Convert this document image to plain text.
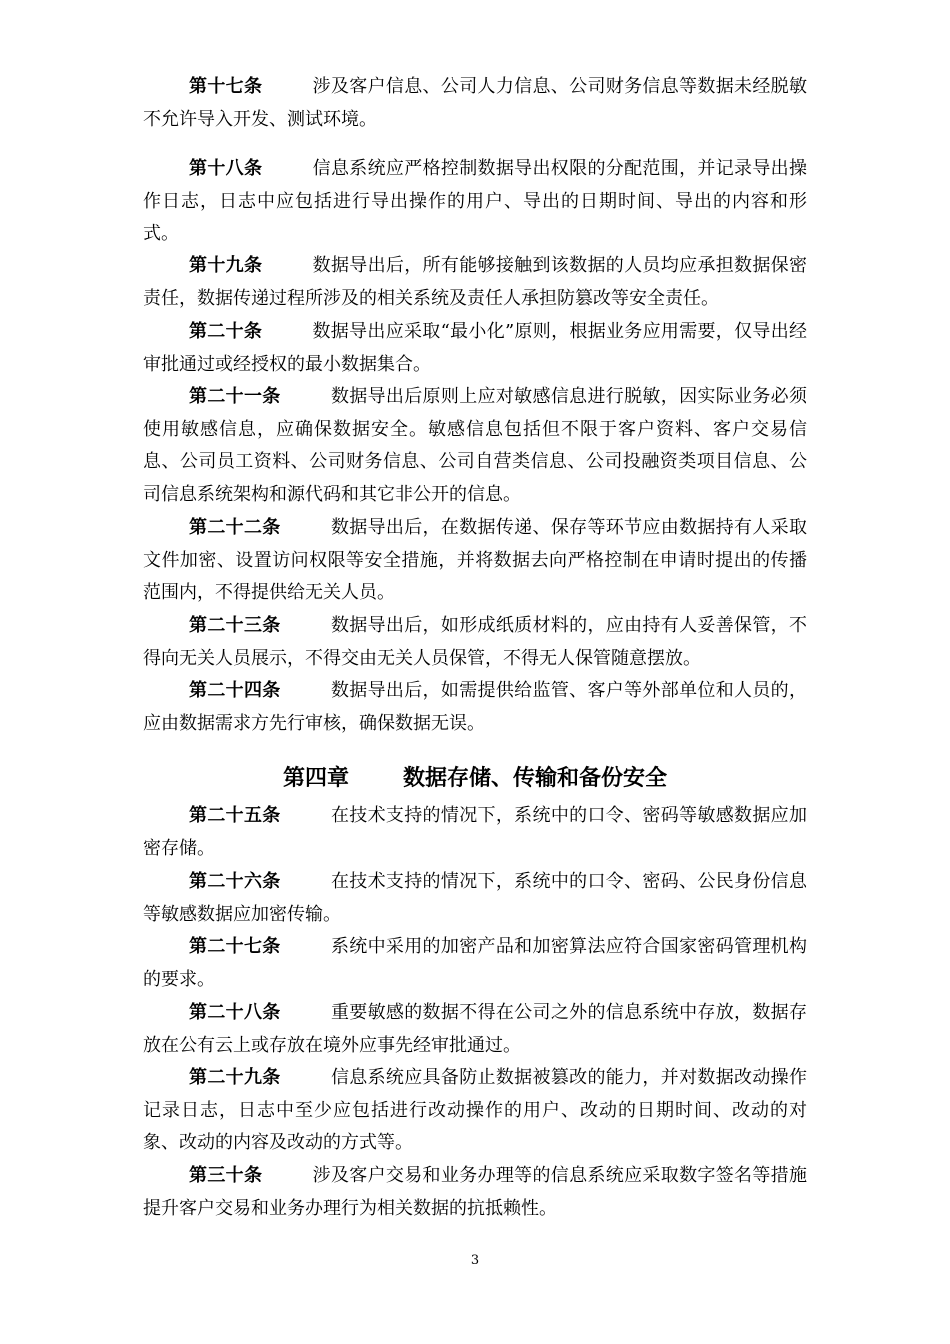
第十七条	涉及客户信息、公司人力信息、公司财务信息等数据未经脱敏不允许导入开发、测试环境。

第十八条	信息系统应严格控制数据导出权限的分配范围，并记录导出操作日志，日志中应包括进行导出操作的用户、导出的日期时间、导出的内容和形式。

第十九条	数据导出后，所有能够接触到该数据的人员均应承担数据保密责任，数据传递过程所涉及的相关系统及责任人承担防篡改等安全责任。

第二十条	数据导出应采取“最小化”原则，根据业务应用需要，仅导出经审批通过或经授权的最小数据集合。

第二十一条	数据导出后原则上应对敏感信息进行脱敏，因实际业务必须使用敏感信息，应确保数据安全。敏感信息包括但不限于客户资料、客户交易信息、公司员工资料、公司财务信息、公司自营类信息、公司投融资类项目信息、公司信息系统架构和源代码和其它非公开的信息。

第二十二条	数据导出后，在数据传递、保存等环节应由数据持有人采取文件加密、设置访问权限等安全措施，并将数据去向严格控制在申请时提出的传播范围内，不得提供给无关人员。

第二十三条	数据导出后，如形成纸质材料的，应由持有人妥善保管，不得向无关人员展示，不得交由无关人员保管，不得无人保管随意摆放。

第二十四条	数据导出后，如需提供给监管、客户等外部单位和人员的，应由数据需求方先行审核，确保数据无误。

第四章 数据存储、传输和备份安全

第二十五条	在技术支持的情况下，系统中的口令、密码等敏感数据应加密存储。

第二十六条	在技术支持的情况下，系统中的口令、密码、公民身份信息等敏感数据应加密传输。

第二十七条	系统中采用的加密产品和加密算法应符合国家密码管理机构的要求。

第二十八条	重要敏感的数据不得在公司之外的信息系统中存放，数据存放在公有云上或存放在境外应事先经审批通过。

第二十九条	信息系统应具备防止数据被篡改的能力，并对数据改动操作记录日志，日志中至少应包括进行改动操作的用户、改动的日期时间、改动的对象、改动的内容及改动的方式等。

第三十条	涉及客户交易和业务办理等的信息系统应采取数字签名等措施提升客户交易和业务办理行为相关数据的抗抵赖性。

3
